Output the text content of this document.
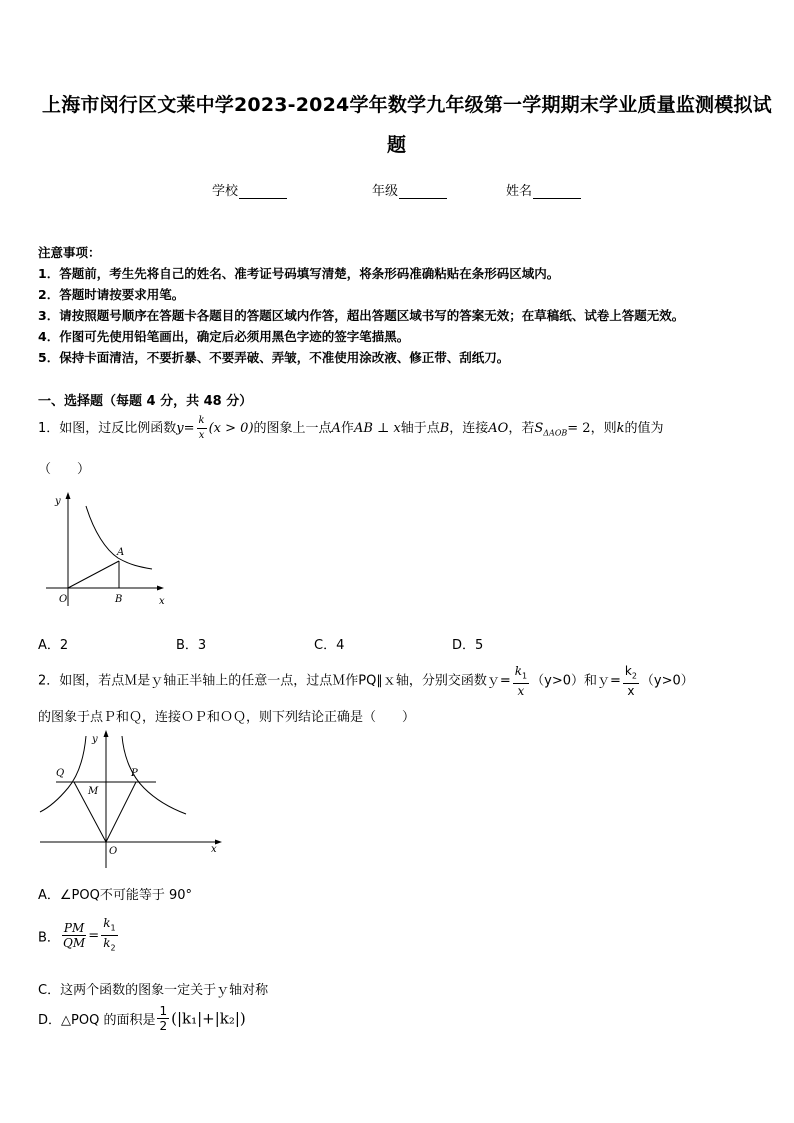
上海市闵行区文莱中学2023-2024学年数学九年级第一学期期末学业质量监测模拟试
题
学校	年级	姓名
注意事项：
1．答题前，考生先将自己的姓名、准考证号码填写清楚，将条形码准确粘贴在条形码区域内。
2．答题时请按要求用笔。
3．请按照题号顺序在答题卡各题目的答题区域内作答，超出答题区域书写的答案无效；在草稿纸、试卷上答题无效。
4．作图可先使用铅笔画出，确定后必须用黑色字迹的签字笔描黑。
5．保持卡面清洁，不要折暴、不要弄破、弄皱，不准使用涂改液、修正带、刮纸刀。
一、选择题（每题 4 分，共 48 分）
1．如图，过反比例函数$y= \frac{k}{x} (x > 0)$的图象上一点A作AB ⊥ x轴于点B，连接AO，若$S_{\Delta AOB}= 2$，则k的值为
（　　）
y
A
O	B	x
A．2	B．3	C．4	D．5
2．如图，若点Ｍ是ｙ轴正半轴上的任意一点，过点Ｍ作PQ∥ｘ轴，分别交函数ｙ= $\frac{k_1}{x} (y>0)$和ｙ= $\frac{k_2}{x} (y>0)$
的图象于点Ｐ和Ｑ，连接ＯＰ和ＯＱ，则下列结论正确是（　　）
y
Q	P
M
O	x
A．∠POQ不可能等于 90°
B． $\frac{PM}{QM} = \frac{k_1}{k_2}$
C．这两个函数的图象一定关于ｙ轴对称
D．△POQ 的面积是 $\frac{1}{2} (|k_1|+|k_2|)$
